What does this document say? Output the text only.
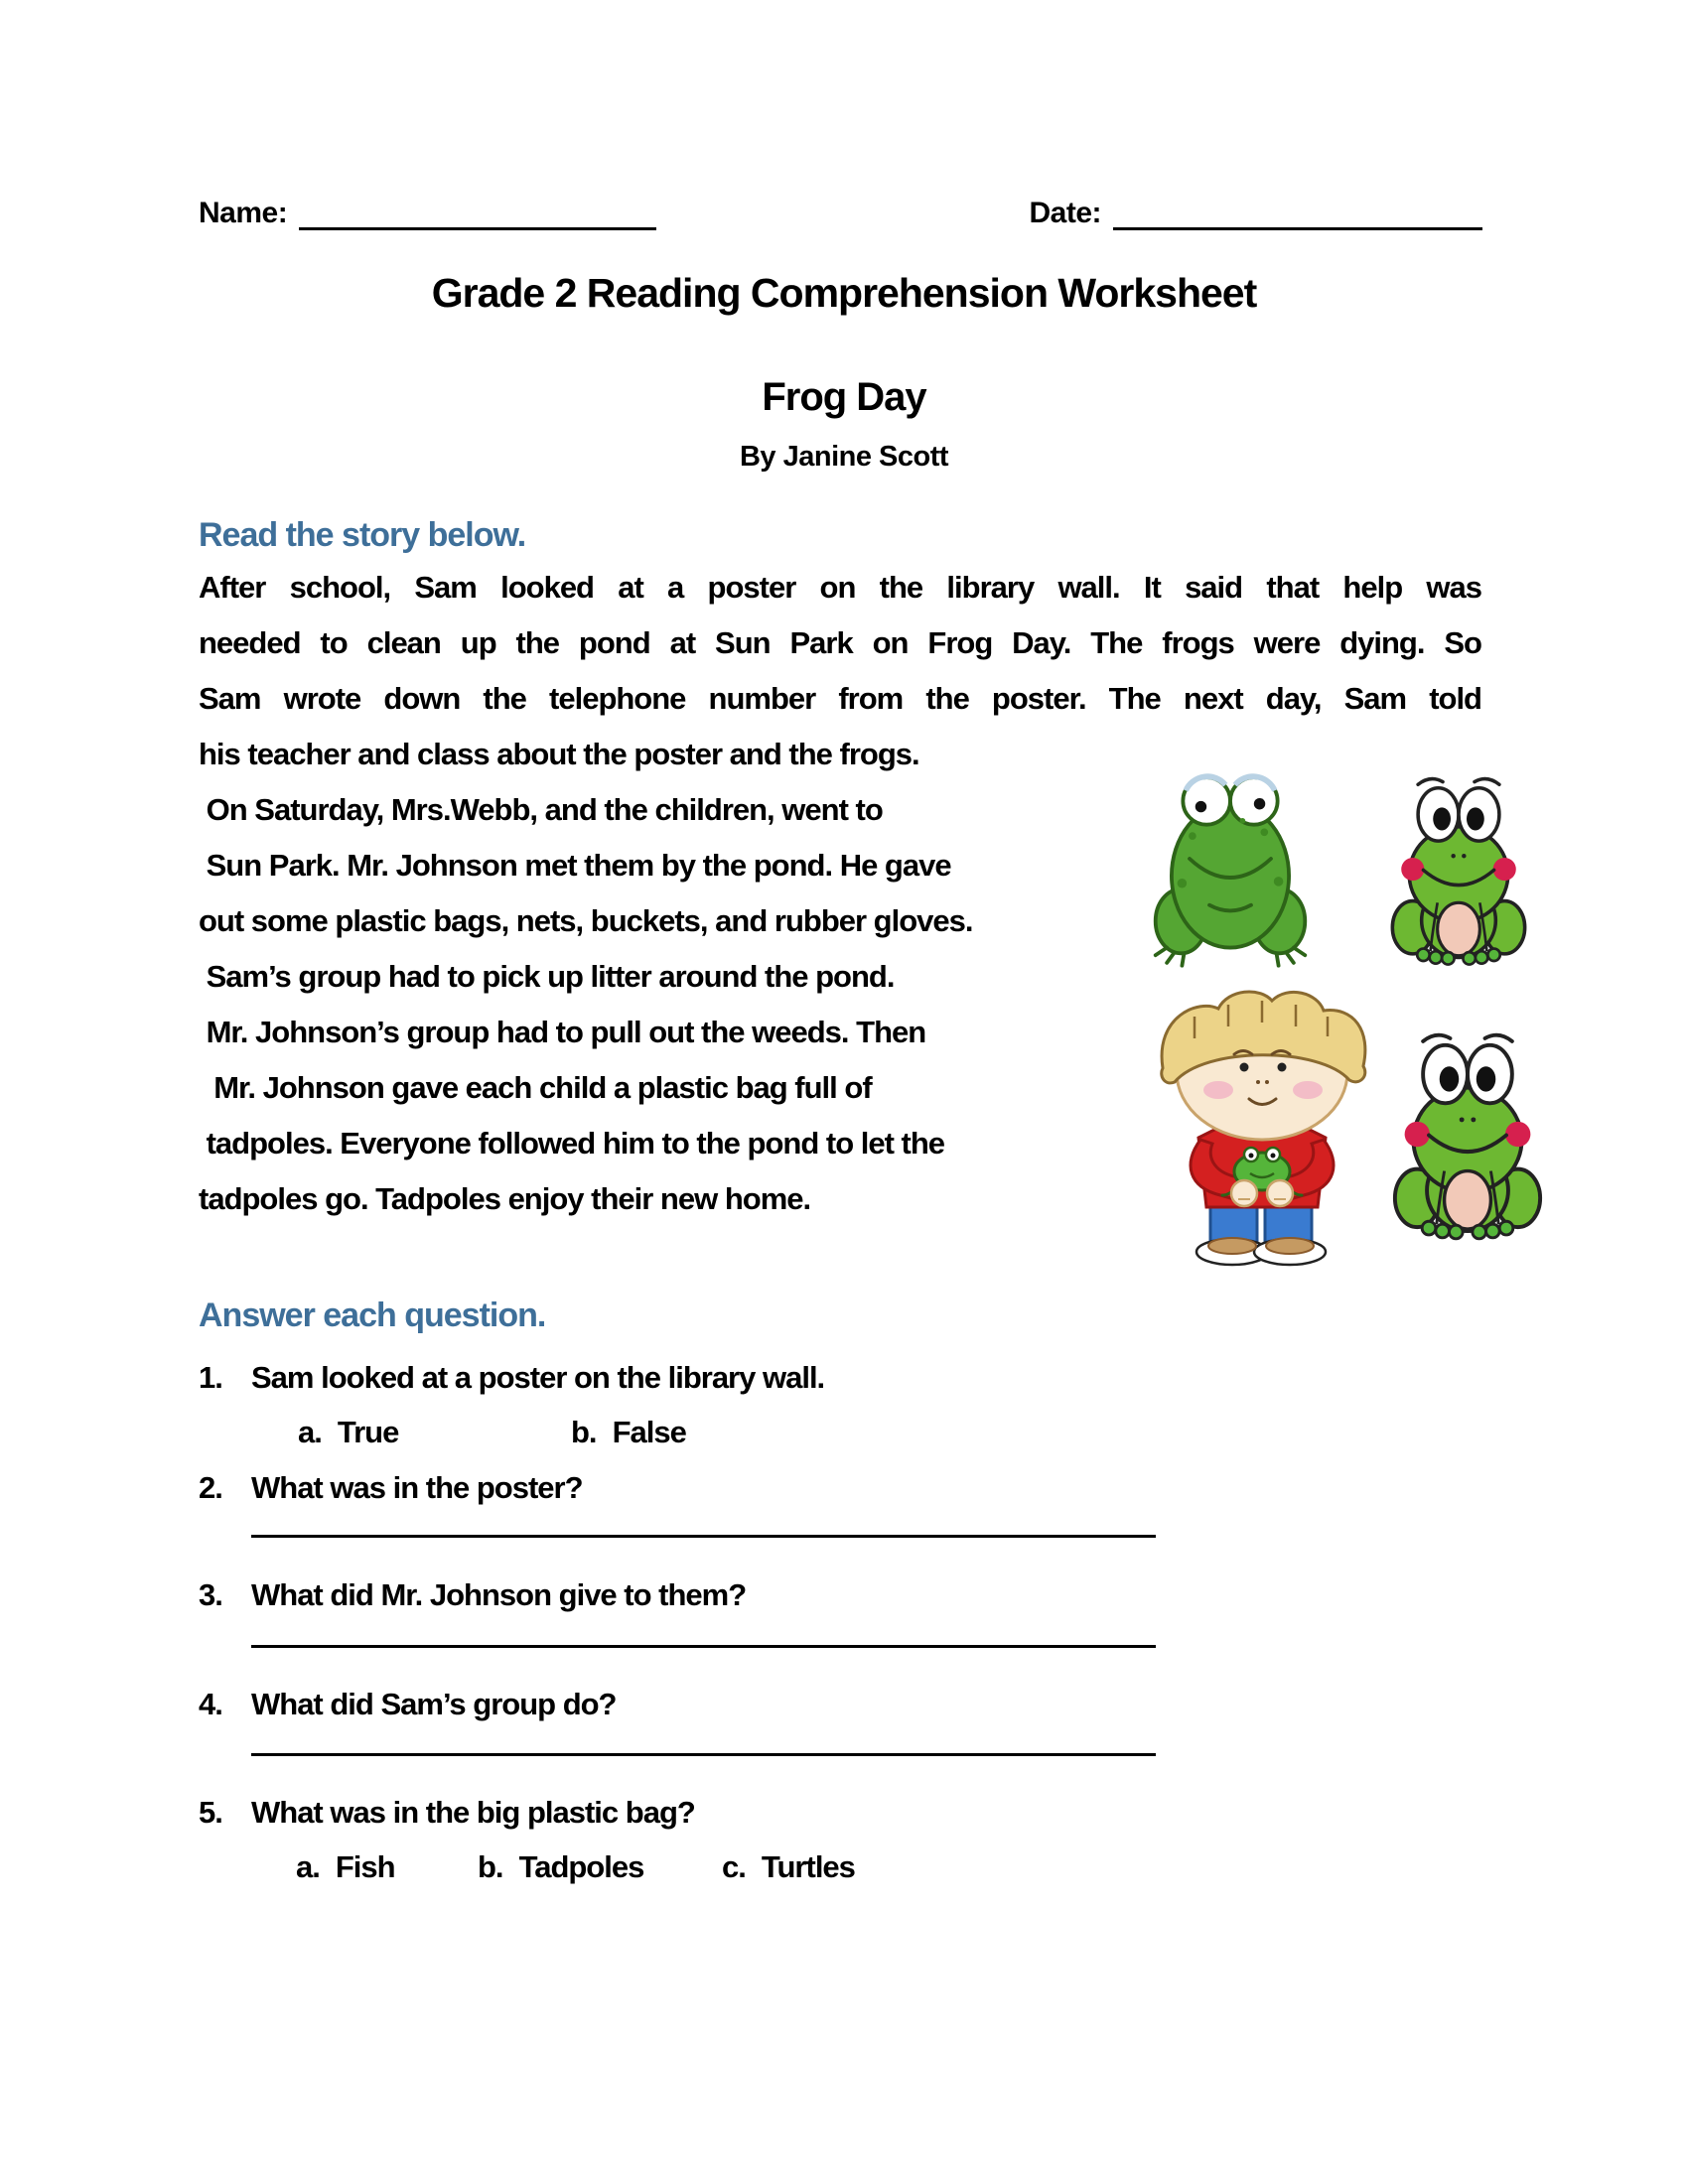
Name:	Date:
Grade 2 Reading Comprehension Worksheet
Frog Day
By Janine Scott
Read the story below.
After school, Sam looked at a poster on the library wall. It said that help was
needed to clean up the pond at Sun Park on Frog Day. The frogs were dying. So
Sam wrote down the telephone number from the poster. The next day, Sam told
his teacher and class about the poster and the frogs.
On Saturday, Mrs.Webb, and the children, went to
Sun Park. Mr. Johnson met them by the pond. He gave
out some plastic bags, nets, buckets, and rubber gloves.
Sam’s group had to pick up litter around the pond.
Mr. Johnson’s group had to pull out the weeds. Then
Mr. Johnson gave each child a plastic bag full of
tadpoles. Everyone followed him to the pond to let the
tadpoles go. Tadpoles enjoy their new home.
Answer each question.
1. Sam looked at a poster on the library wall.
a. True	b. False
2. What was in the poster?
3. What did Mr. Johnson give to them?
4. What did Sam’s group do?
5. What was in the big plastic bag?
a. Fish	b. Tadpoles	c. Turtles
